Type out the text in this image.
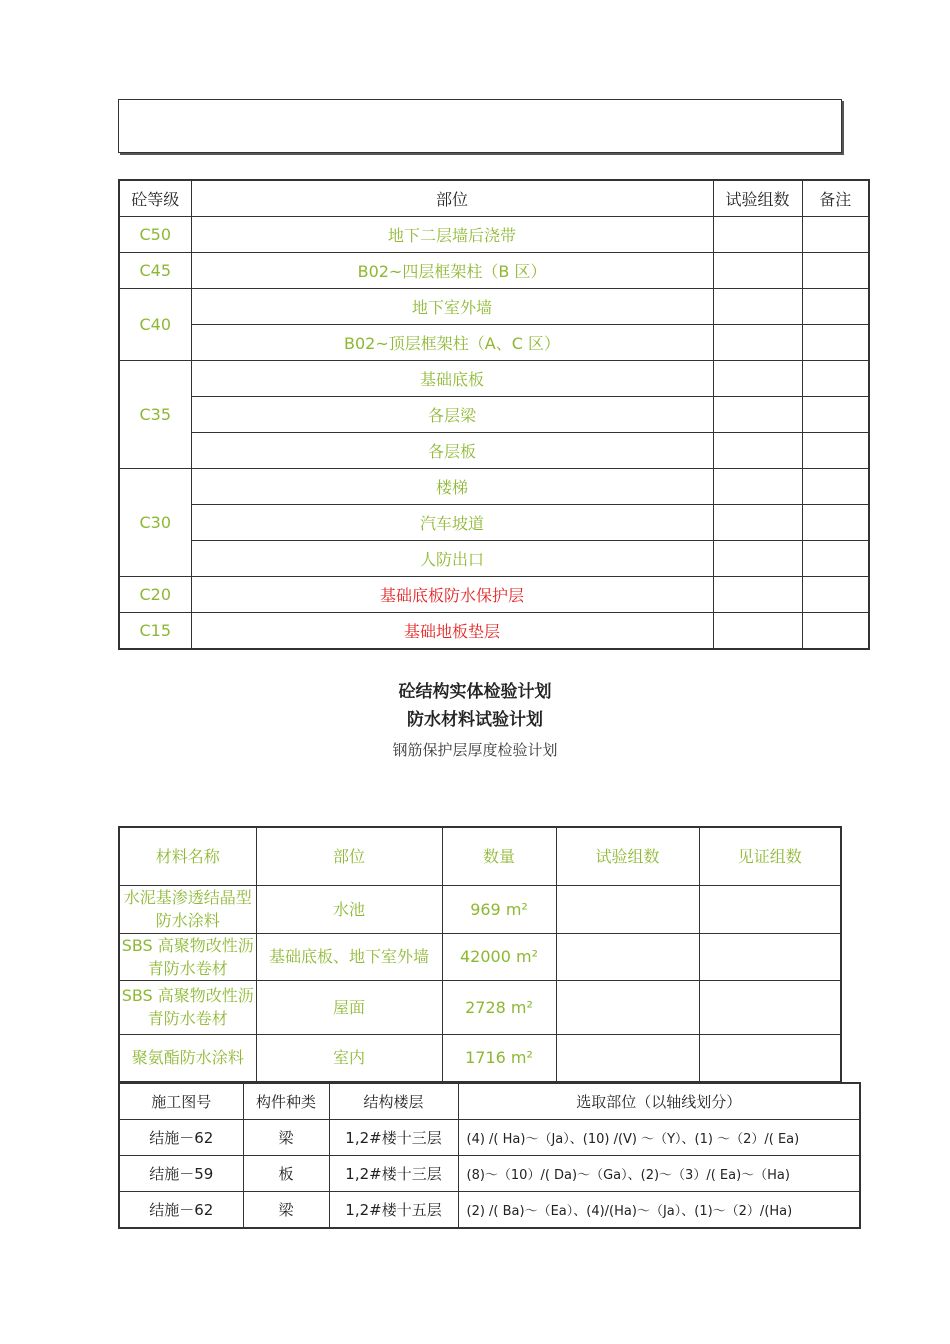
砼等级	部位	试验组数	备注
C50	地下二层墙后浇带		
C45	B02~四层框架柱（B 区）		
C40	地下室外墙		
	B02~顶层框架柱（A、C 区）		
C35	基础底板		
	各层梁		
	各层板		
C30	楼梯		
	汽车坡道		
	人防出口		
C20	基础底板防水保护层		
C15	基础地板垫层		
砼结构实体检验计划
防水材料试验计划
钢筋保护层厚度检验计划
材料名称	部位	数量	试验组数	见证组数
水泥基渗透结晶型防水涂料	水池	969 m²		
SBS 高聚物改性沥青防水卷材	基础底板、地下室外墙	42000 m²		
SBS 高聚物改性沥青防水卷材	屋面	2728 m²		
聚氨酯防水涂料	室内	1716 m²		
施工图号	构件种类	结构楼层	选取部位（以轴线划分）
结施－62	梁	1,2#楼十三层	(4) /( Ha)～（Ja）、(10) /(V) ～（Y）、(1) ～（2）/( Ea)
结施－59	板	1,2#楼十三层	(8)～（10）/( Da)～（Ga）、(2)～（3）/( Ea)～（Ha)
结施－62	梁	1,2#楼十五层	(2) /( Ba)～（Ea）、(4)/(Ha)～（Ja）、(1)～（2）/(Ha)
